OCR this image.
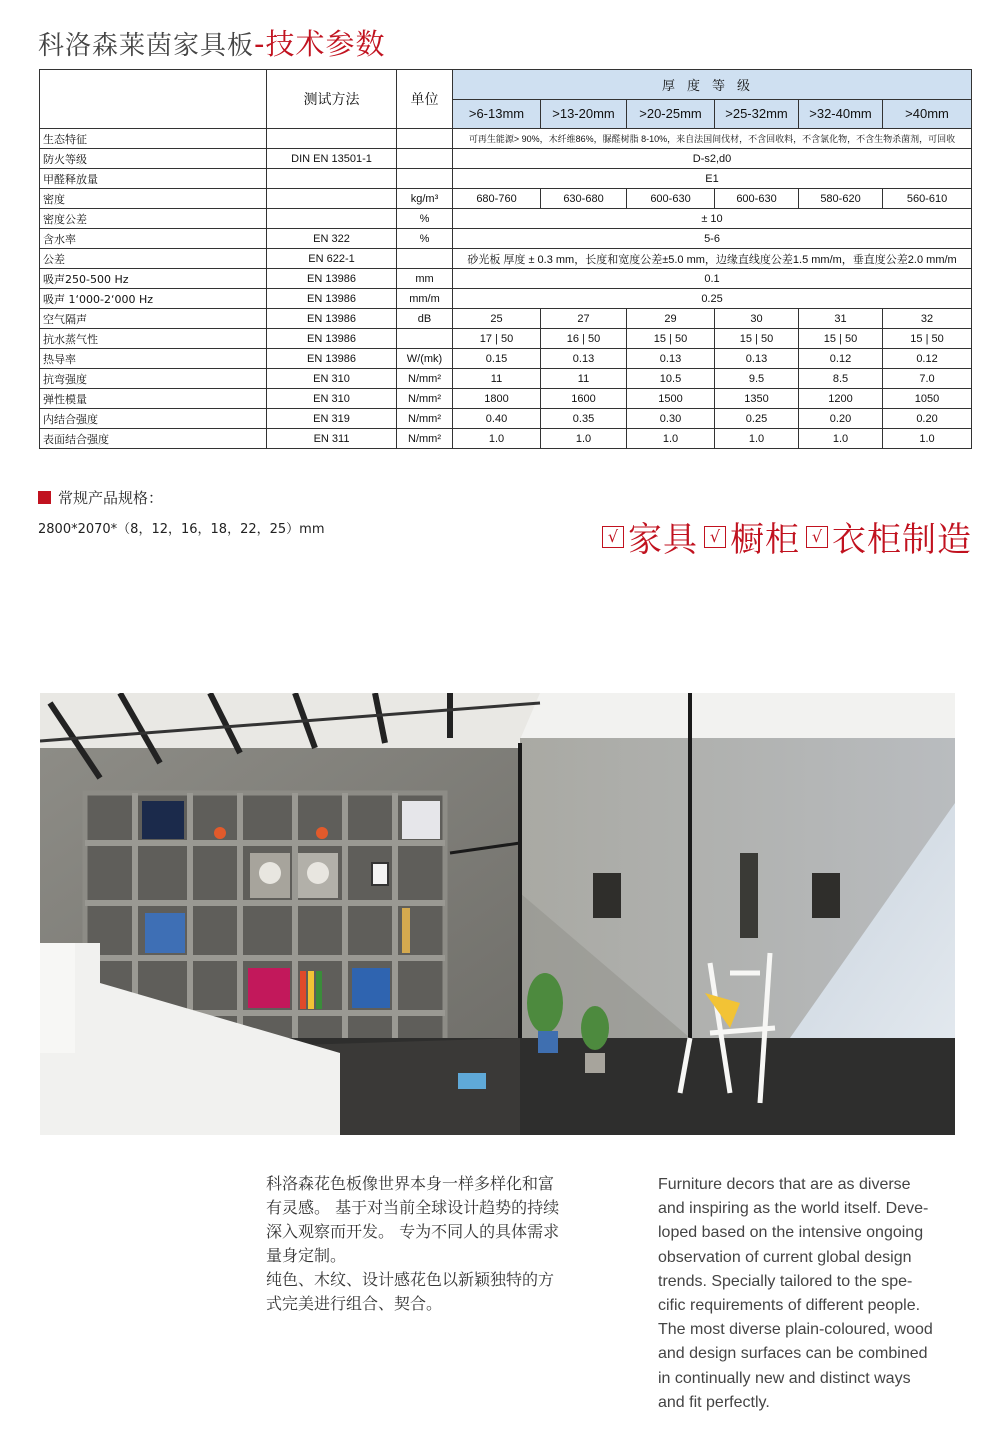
科洛森莱茵家具板-技术参数
	测试方法	单位	厚度等级					
			>6-13mm	>13-20mm	>20-25mm	>25-32mm	>32-40mm	>40mm
生态特征			可再生能源> 90%，木纤维86%，脲醛树脂 8-10%，来自法国间伐材，不含回收料，不含氯化物，不含生物杀菌剂，可回收					
防火等级	DIN EN 13501-1		D-s2,d0					
甲醛释放量			E1					
密度		kg/m³	680-760	630-680	600-630	600-630	580-620	560-610
密度公差		%	± 10					
含水率	EN 322	%	5-6					
公差	EN 622-1		砂光板 厚度 ± 0.3 mm，长度和宽度公差±5.0 mm，边缘直线度公差1.5 mm/m，垂直度公差2.0 mm/m					
吸声250-500 Hz	EN 13986	mm	0.1					
吸声 1‘000-2‘000 Hz	EN 13986	mm/m	0.25					
空气隔声	EN 13986	dB	25	27	29	30	31	32
抗水蒸气性	EN 13986		17 | 50	16 | 50	15 | 50	15 | 50	15 | 50	15 | 50
热导率	EN 13986	W/(mk)	0.15	0.13	0.13	0.13	0.12	0.12
抗弯强度	EN 310	N/mm²	11	11	10.5	9.5	8.5	7.0
弹性模量	EN 310	N/mm²	1800	1600	1500	1350	1200	1050
内结合强度	EN 319	N/mm²	0.40	0.35	0.30	0.25	0.20	0.20
表面结合强度	EN 311	N/mm²	1.0	1.0	1.0	1.0	1.0	1.0
常规产品规格：
2800*2070*（8，12，16，18，22，25）mm	√ 家具 √ 橱柜 √ 衣柜制造
科洛森花色板像世界本身一样多样化和富
有灵感。 基于对当前全球设计趋势的持续
深入观察而开发。 专为不同人的具体需求
量身定制。
纯色、木纹、设计感花色以新颖独特的方
式完美进行组合、契合。
Furniture decors that are as diverse
and inspiring as the world itself. Deve-
loped based on the intensive ongoing
observation of current global design
trends. Specially tailored to the spe-
cific requirements of different people.
The most diverse plain-coloured, wood
and design surfaces can be combined
in continually new and distinct ways
and fit perfectly.
